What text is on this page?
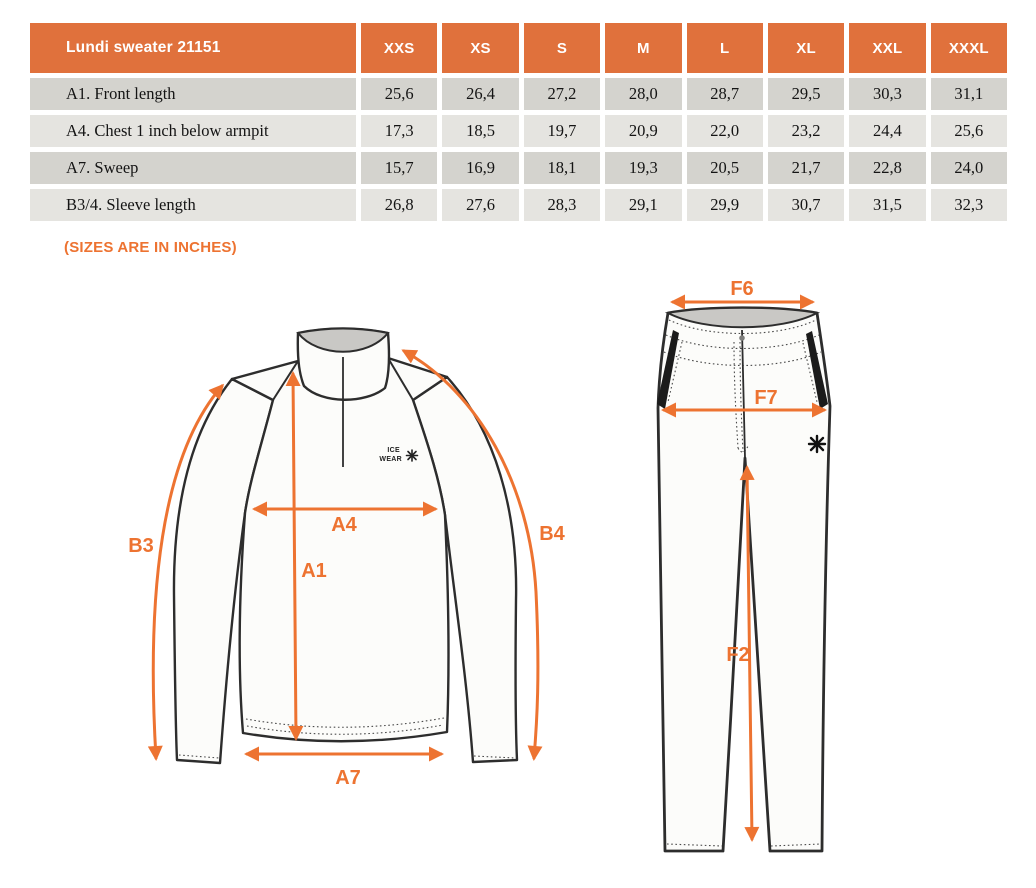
Lundi sweater 21151	XXS	XS	S	M	L	XL	XXL	XXXL
A1. Front length	25,6	26,4	27,2	28,0	28,7	29,5	30,3	31,1
A4. Chest 1 inch below armpit	17,3	18,5	19,7	20,9	22,0	23,2	24,4	25,6
A7. Sweep	15,7	16,9	18,1	19,3	20,5	21,7	22,8	24,0
B3/4. Sleeve length	26,8	27,6	28,3	29,1	29,9	30,7	31,5	32,3
(SIZES ARE IN INCHES)
ICE
WEAR
B3
B4
A4
A1
A7
F6
F7
F2
